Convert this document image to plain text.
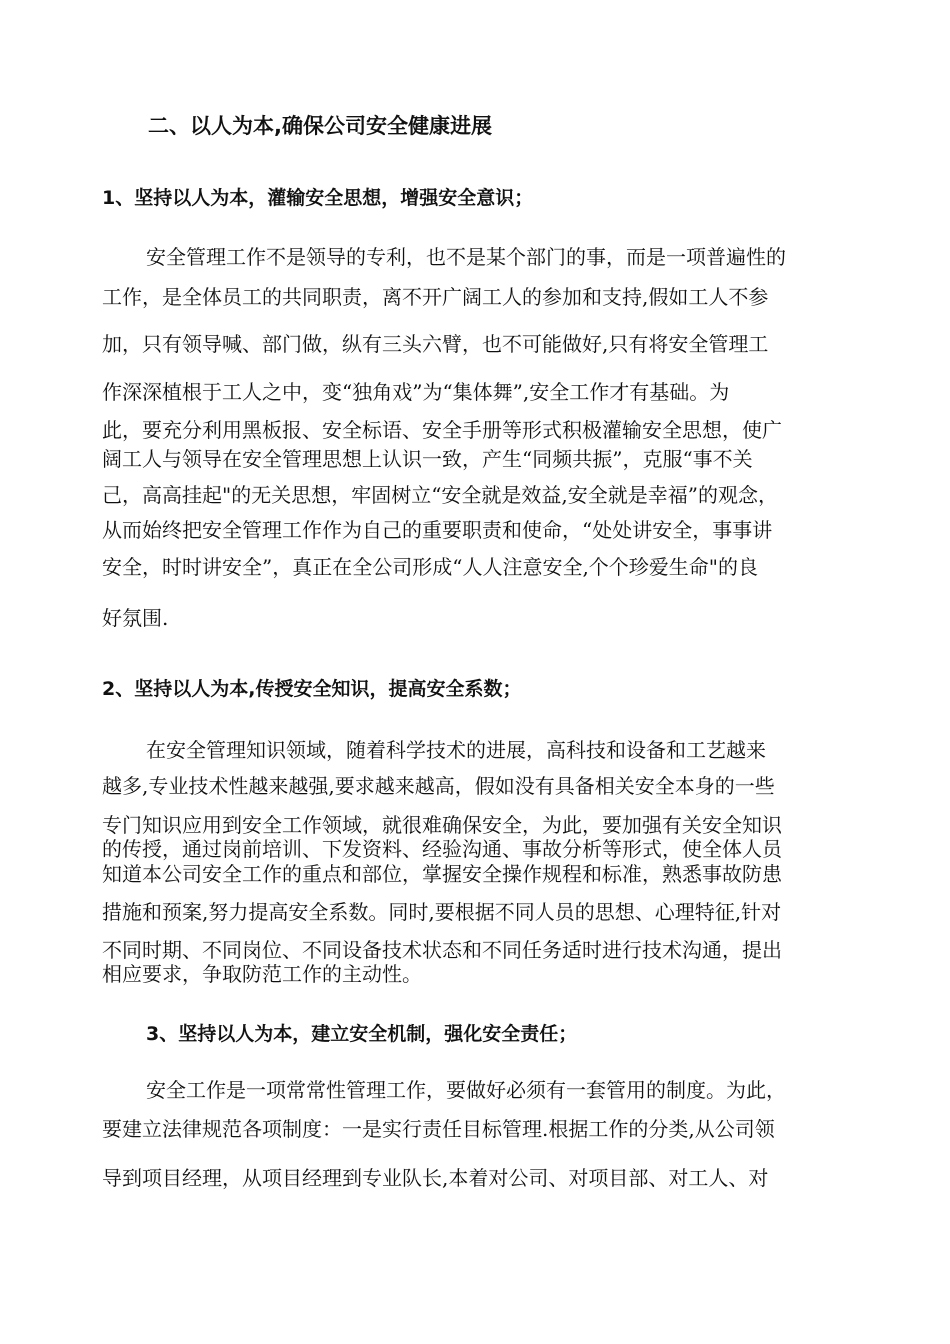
二、以人为本,确保公司安全健康进展
1、坚持以人为本，灌输安全思想，增强安全意识；
安全管理工作不是领导的专利，也不是某个部门的事，而是一项普遍性的
工作，是全体员工的共同职责，离不开广阔工人的参加和支持,假如工人不参
加，只有领导喊、部门做，纵有三头六臂，也不可能做好,只有将安全管理工
作深深植根于工人之中，变“独角戏”为“集体舞”,安全工作才有基础。为
此，要充分利用黑板报、安全标语、安全手册等形式积极灌输安全思想，使广
阔工人与领导在安全管理思想上认识一致，产生“同频共振”，克服“事不关
己，高高挂起"的无关思想，牢固树立“安全就是效益,安全就是幸福”的观念，
从而始终把安全管理工作作为自己的重要职责和使命，“处处讲安全，事事讲
安全，时时讲安全”，真正在全公司形成“人人注意安全,个个珍爱生命"的良
好氛围.
2、坚持以人为本,传授安全知识，提高安全系数；
在安全管理知识领域，随着科学技术的进展，高科技和设备和工艺越来
越多,专业技术性越来越强,要求越来越高，假如没有具备相关安全本身的一些
专门知识应用到安全工作领域，就很难确保安全，为此，要加强有关安全知识
的传授，通过岗前培训、下发资料、经验沟通、事故分析等形式，使全体人员
知道本公司安全工作的重点和部位，掌握安全操作规程和标准，熟悉事故防患
措施和预案,努力提高安全系数。同时,要根据不同人员的思想、心理特征,针对
不同时期、不同岗位、不同设备技术状态和不同任务适时进行技术沟通，提出
相应要求，争取防范工作的主动性。
3、坚持以人为本，建立安全机制，强化安全责任；
安全工作是一项常常性管理工作，要做好必须有一套管用的制度。为此，
要建立法律规范各项制度：一是实行责任目标管理.根据工作的分类,从公司领
导到项目经理，从项目经理到专业队长,本着对公司、对项目部、对工人、对
